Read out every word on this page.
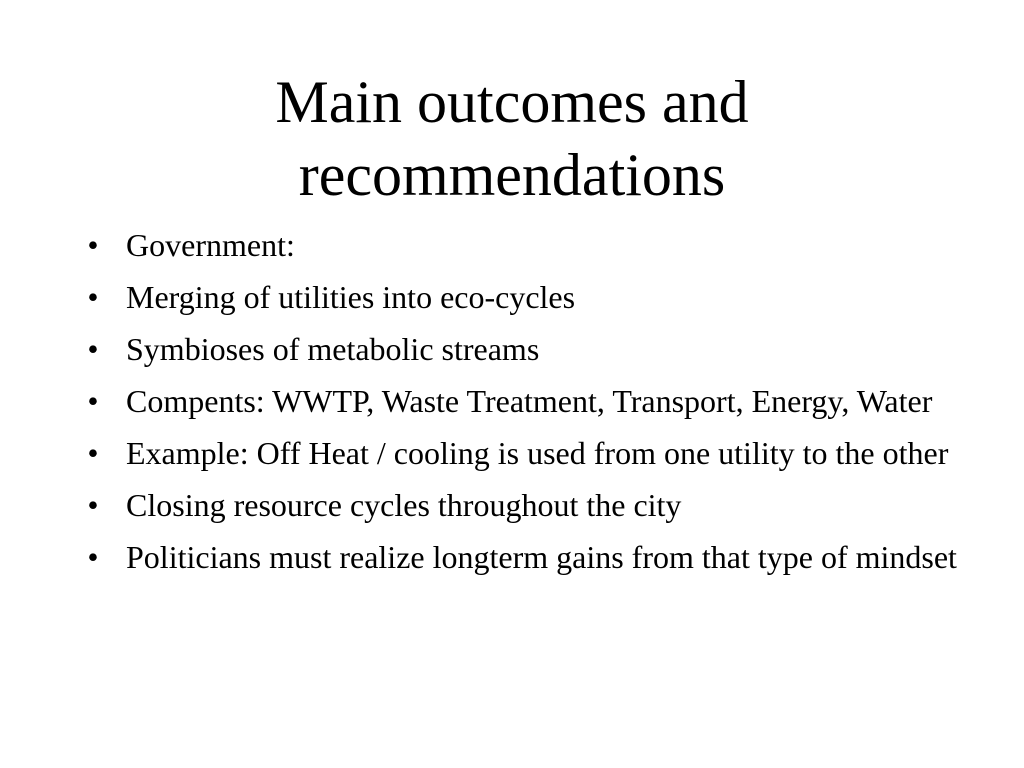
Main outcomes and
recommendations
• Government:
• Merging of utilities into eco-cycles
• Symbioses of metabolic streams
• Compents: WWTP, Waste Treatment, Transport, Energy, Water
• Example: Off Heat / cooling is used from one utility to the other
• Closing resource cycles throughout the city
• Politicians must realize longterm gains from that type of mindset
